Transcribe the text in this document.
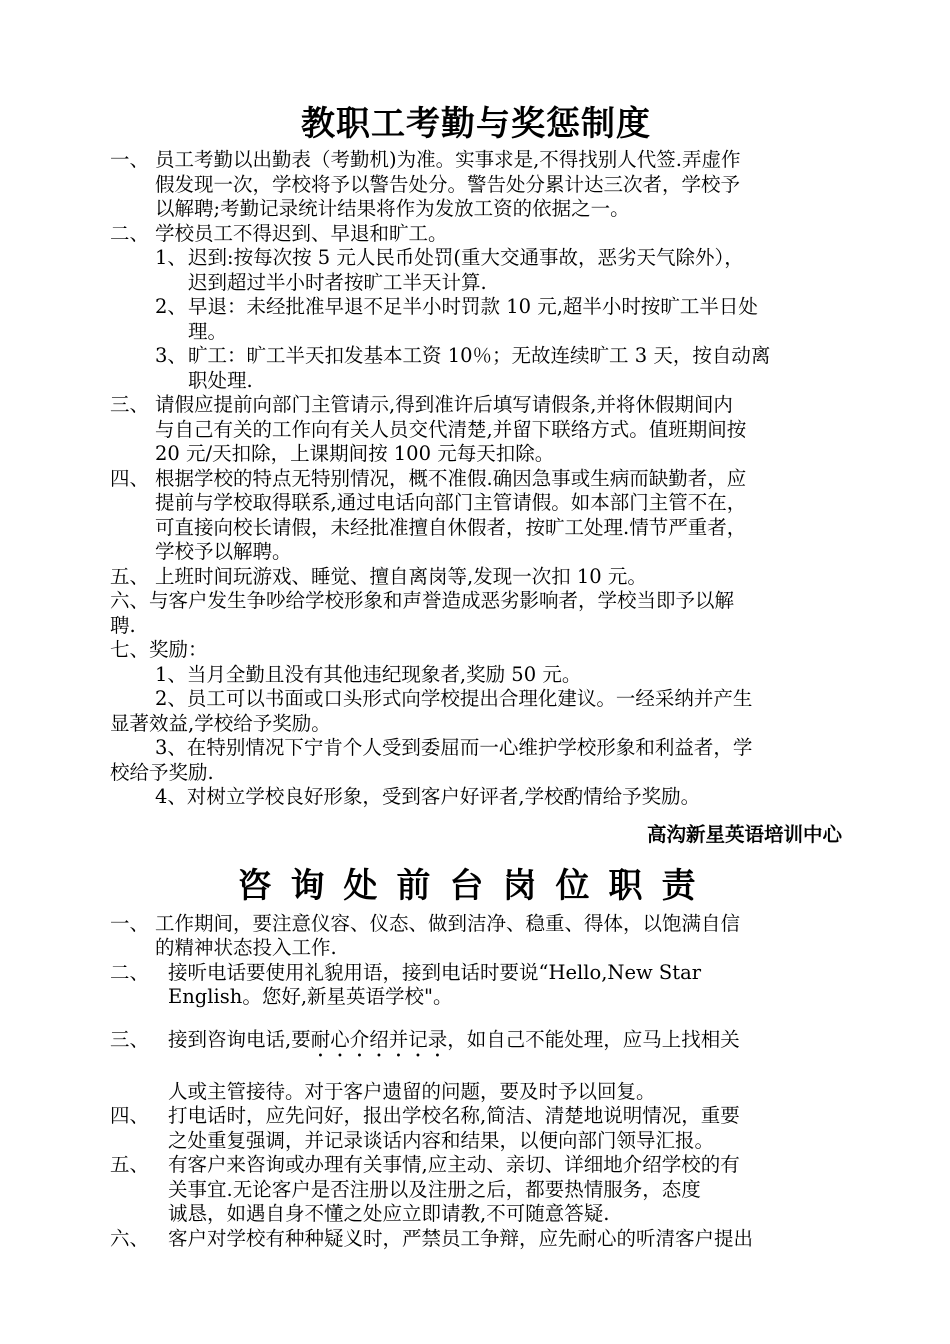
教职工考勤与奖惩制度
一、 员工考勤以出勤表（考勤机)为准。实事求是,不得找别人代签.弄虚作
假发现一次，学校将予以警告处分。警告处分累计达三次者，学校予
以解聘;考勤记录统计结果将作为发放工资的依据之一。
二、 学校员工不得迟到、早退和旷工。
1、 迟到:按每次按 5 元人民币处罚(重大交通事故，恶劣天气除外），
迟到超过半小时者按旷工半天计算.
2、 早退：未经批准早退不足半小时罚款 10 元,超半小时按旷工半日处
理。
3、 旷工：旷工半天扣发基本工资 10％；无故连续旷工 3 天，按自动离
职处理.
三、 请假应提前向部门主管请示,得到准许后填写请假条,并将休假期间内
与自己有关的工作向有关人员交代清楚,并留下联络方式。值班期间按
20 元/天扣除，上课期间按 100 元每天扣除。
四、 根据学校的特点无特别情况，概不准假.确因急事或生病而缺勤者，应
提前与学校取得联系,通过电话向部门主管请假。如本部门主管不在，
可直接向校长请假，未经批准擅自休假者，按旷工处理.情节严重者，
学校予以解聘。
五、 上班时间玩游戏、睡觉、擅自离岗等,发现一次扣 10 元。
六、与客户发生争吵给学校形象和声誉造成恶劣影响者，学校当即予以解
聘.
七、奖励：
1、当月全勤且没有其他违纪现象者,奖励 50 元。
2、员工可以书面或口头形式向学校提出合理化建议。一经采纳并产生
显著效益,学校给予奖励。
3、在特别情况下宁肯个人受到委屈而一心维护学校形象和利益者，学
校给予奖励.
4、对树立学校良好形象，受到客户好评者,学校酌情给予奖励。
高沟新星英语培训中心
咨询处前台岗位职责
一、 工作期间，要注意仪容、仪态、做到洁净、稳重、得体，以饱满自信
的精神状态投入工作.
二、 接听电话要使用礼貌用语，接到电话时要说“Hello,New Star
English。您好,新星英语学校"。
三、 接到咨询电话,要耐心介绍并记录，如自己不能处理，应马上找相关
人或主管接待。对于客户遗留的问题，要及时予以回复。
四、 打电话时，应先问好，报出学校名称,简洁、清楚地说明情况，重要
之处重复强调，并记录谈话内容和结果，以便向部门领导汇报。
五、 有客户来咨询或办理有关事情,应主动、亲切、详细地介绍学校的有
关事宜.无论客户是否注册以及注册之后，都要热情服务，态度
诚恳，如遇自身不懂之处应立即请教,不可随意答疑.
六、 客户对学校有种种疑义时，严禁员工争辩，应先耐心的听清客户提出
